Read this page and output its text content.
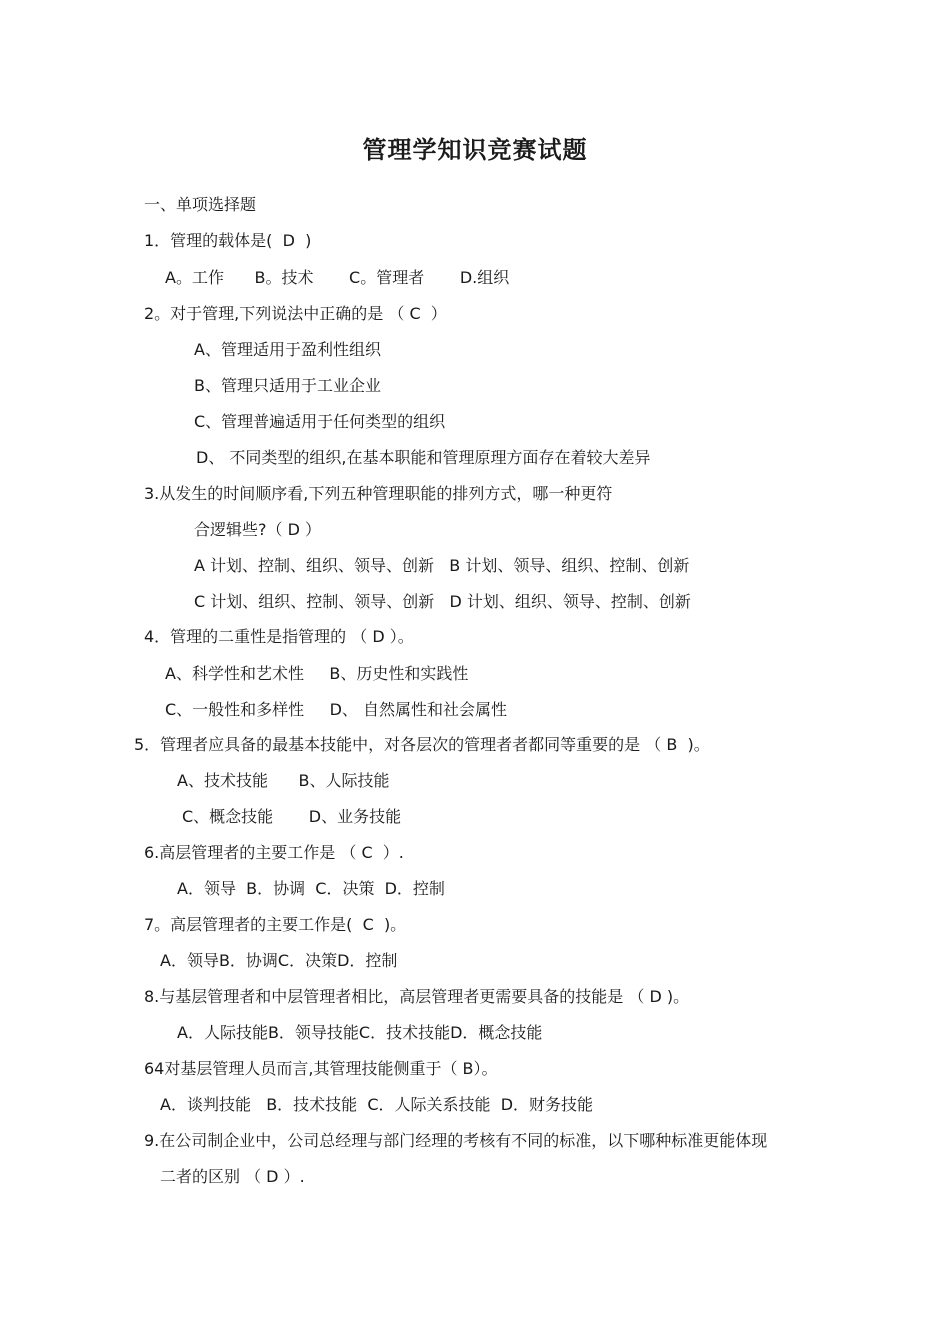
管理学知识竞赛试题
一、单项选择题
1．管理的载体是(  D  )
A。工作      B。技术       C。管理者       D.组织
2。对于管理,下列说法中正确的是 （ C  ）
A、管理适用于盈利性组织
B、管理只适用于工业企业
C、管理普遍适用于任何类型的组织
D、 不同类型的组织,在基本职能和管理原理方面存在着较大差异
3.从发生的时间顺序看,下列五种管理职能的排列方式，哪一种更符
合逻辑些?（ D ）
A 计划、控制、组织、领导、创新   B 计划、领导、组织、控制、创新
C 计划、组织、控制、领导、创新   D 计划、组织、领导、控制、创新
4．管理的二重性是指管理的 （ D ）。
A、科学性和艺术性     B、历史性和实践性
C、一般性和多样性     D、 自然属性和社会属性
5．管理者应具备的最基本技能中，对各层次的管理者者都同等重要的是 （ B  )。
A、技术技能      B、人际技能
C、概念技能       D、业务技能
6.高层管理者的主要工作是 （ C  ）.
A．领导  B．协调  C．决策  D．控制
7。高层管理者的主要工作是(  C  )。
A．领导B．协调C．决策D．控制
8.与基层管理者和中层管理者相比，高层管理者更需要具备的技能是 （ D )。
A．人际技能B．领导技能C．技术技能D．概念技能
64对基层管理人员而言,其管理技能侧重于（ B）。
A．谈判技能   B．技术技能  C．人际关系技能  D．财务技能
9.在公司制企业中，公司总经理与部门经理的考核有不同的标准，以下哪种标准更能体现
二者的区别 （ D ）.
